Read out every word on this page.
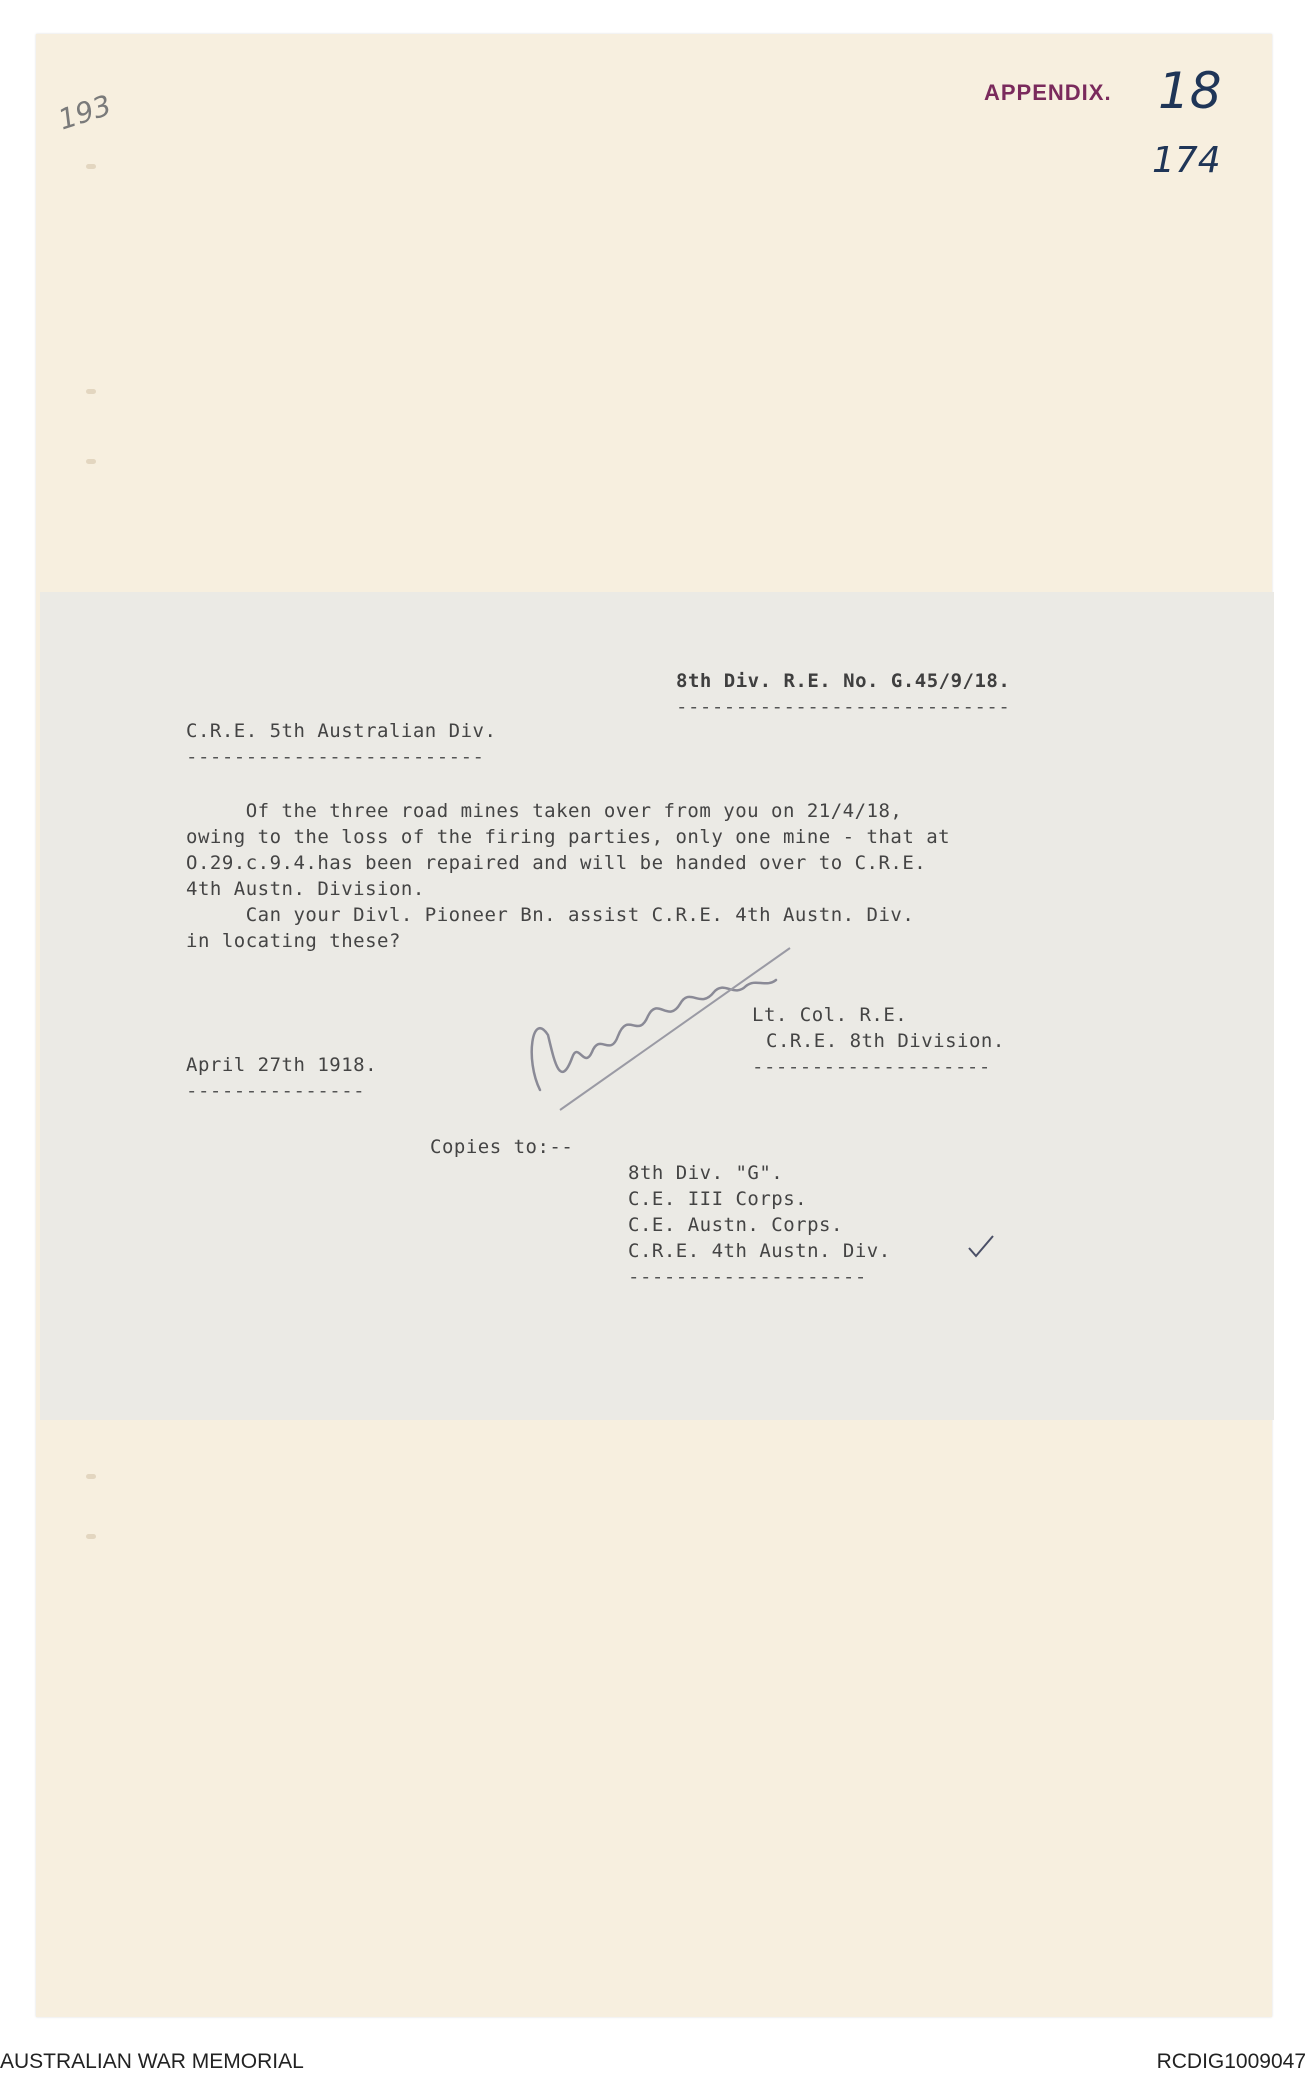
193	APPENDIX. 18
174
8th Div. R.E. No. G.45/9/18.
----------------------------
C.R.E. 5th Australian Div.
-------------------------
Of the three road mines taken over from you on 21/4/18,
owing to the loss of the firing parties, only one mine - that at
O.29.c.9.4.has been repaired and will be handed over to C.R.E.
4th Austn. Division.
Can your Divl. Pioneer Bn. assist C.R.E. 4th Austn. Div.
in locating these?
Lt. Col. R.E.
C.R.E. 8th Division.
--------------------
April 27th 1918.
---------------
Copies to:--
8th Div. "G".
C.E. III Corps.
C.E. Austn. Corps.
C.R.E. 4th Austn. Div.
--------------------
AUSTRALIAN WAR MEMORIAL	RCDIG1009047
